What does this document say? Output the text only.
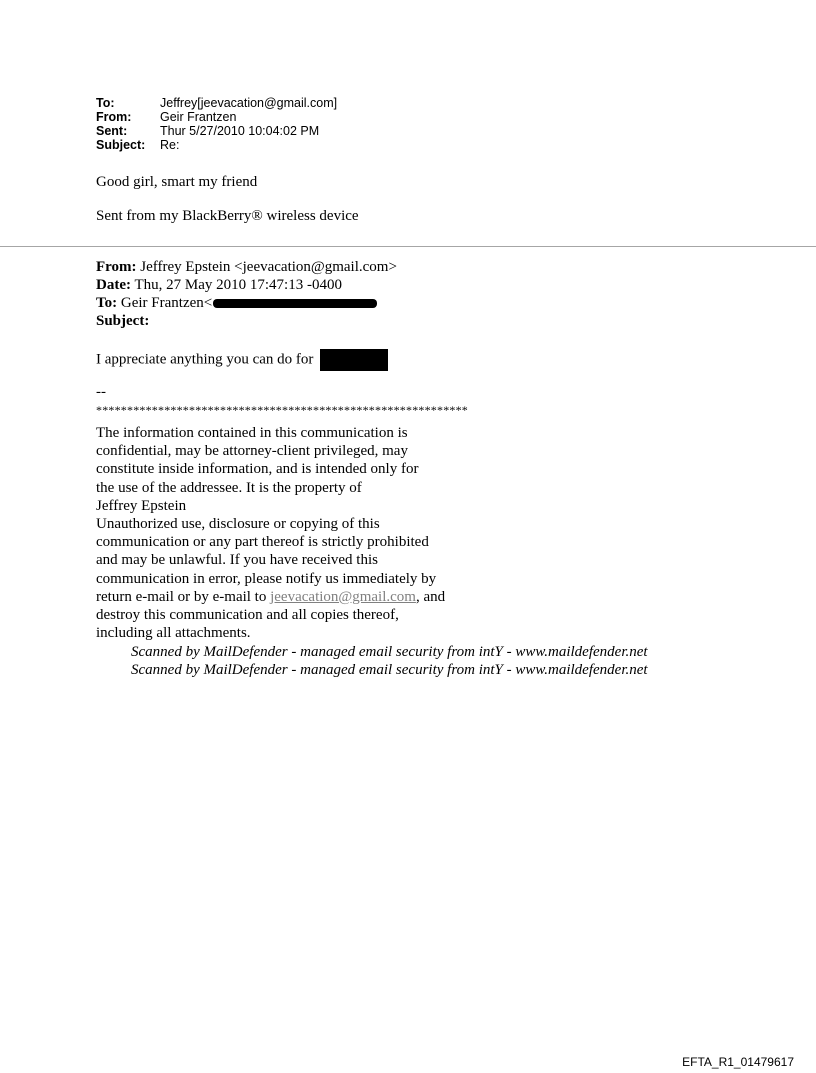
To:	Jeffrey[jeevacation@gmail.com]
From:	Geir Frantzen
Sent:	Thur 5/27/2010 10:04:02 PM
Subject:	Re:
Good girl, smart my friend
Sent from my BlackBerry® wireless device
From: Jeffrey Epstein <jeevacation@gmail.com>
Date: Thu, 27 May 2010 17:47:13 -0400
To: Geir Frantzen<
Subject:
I appreciate anything you can do for
--
************************************************************
The information contained in this communication is
confidential, may be attorney-client privileged, may
constitute inside information, and is intended only for
the use of the addressee. It is the property of
Jeffrey Epstein
Unauthorized use, disclosure or copying of this
communication or any part thereof is strictly prohibited
and may be unlawful. If you have received this
communication in error, please notify us immediately by
return e-mail or by e-mail to jeevacation@gmail.com, and
destroy this communication and all copies thereof,
including all attachments.
Scanned by MailDefender - managed email security from intY - www.maildefender.net
Scanned by MailDefender - managed email security from intY - www.maildefender.net
EFTA_R1_01479617
